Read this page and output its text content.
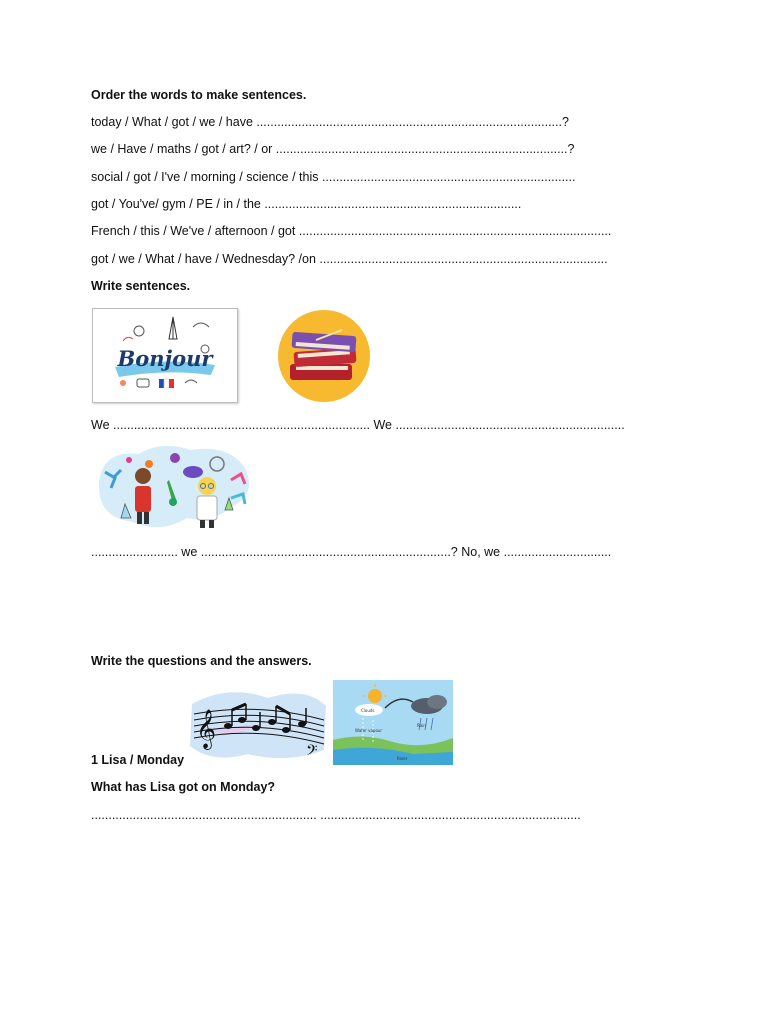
Order the words to make sentences.
today / What / got / we / have ........................................................................................?
we / Have / maths / got / art? / or ....................................................................................?
social / got / I've / morning / science / this .........................................................................
got / You've/ gym / PE / in / the ..........................................................................
French / this / We've / afternoon / got ..........................................................................................
got / we / What / have / Wednesday? /on ...................................................................................
Write sentences.
Bonjour
We .......................................................................... We ..................................................................
......................... we ........................................................................? No, we ...............................
Write the questions and the answers.
𝄞
𝄢
Clouds
Water vapour
Rain
River
1 Lisa / Monday
What has Lisa got on Monday?
................................................................. ...........................................................................
